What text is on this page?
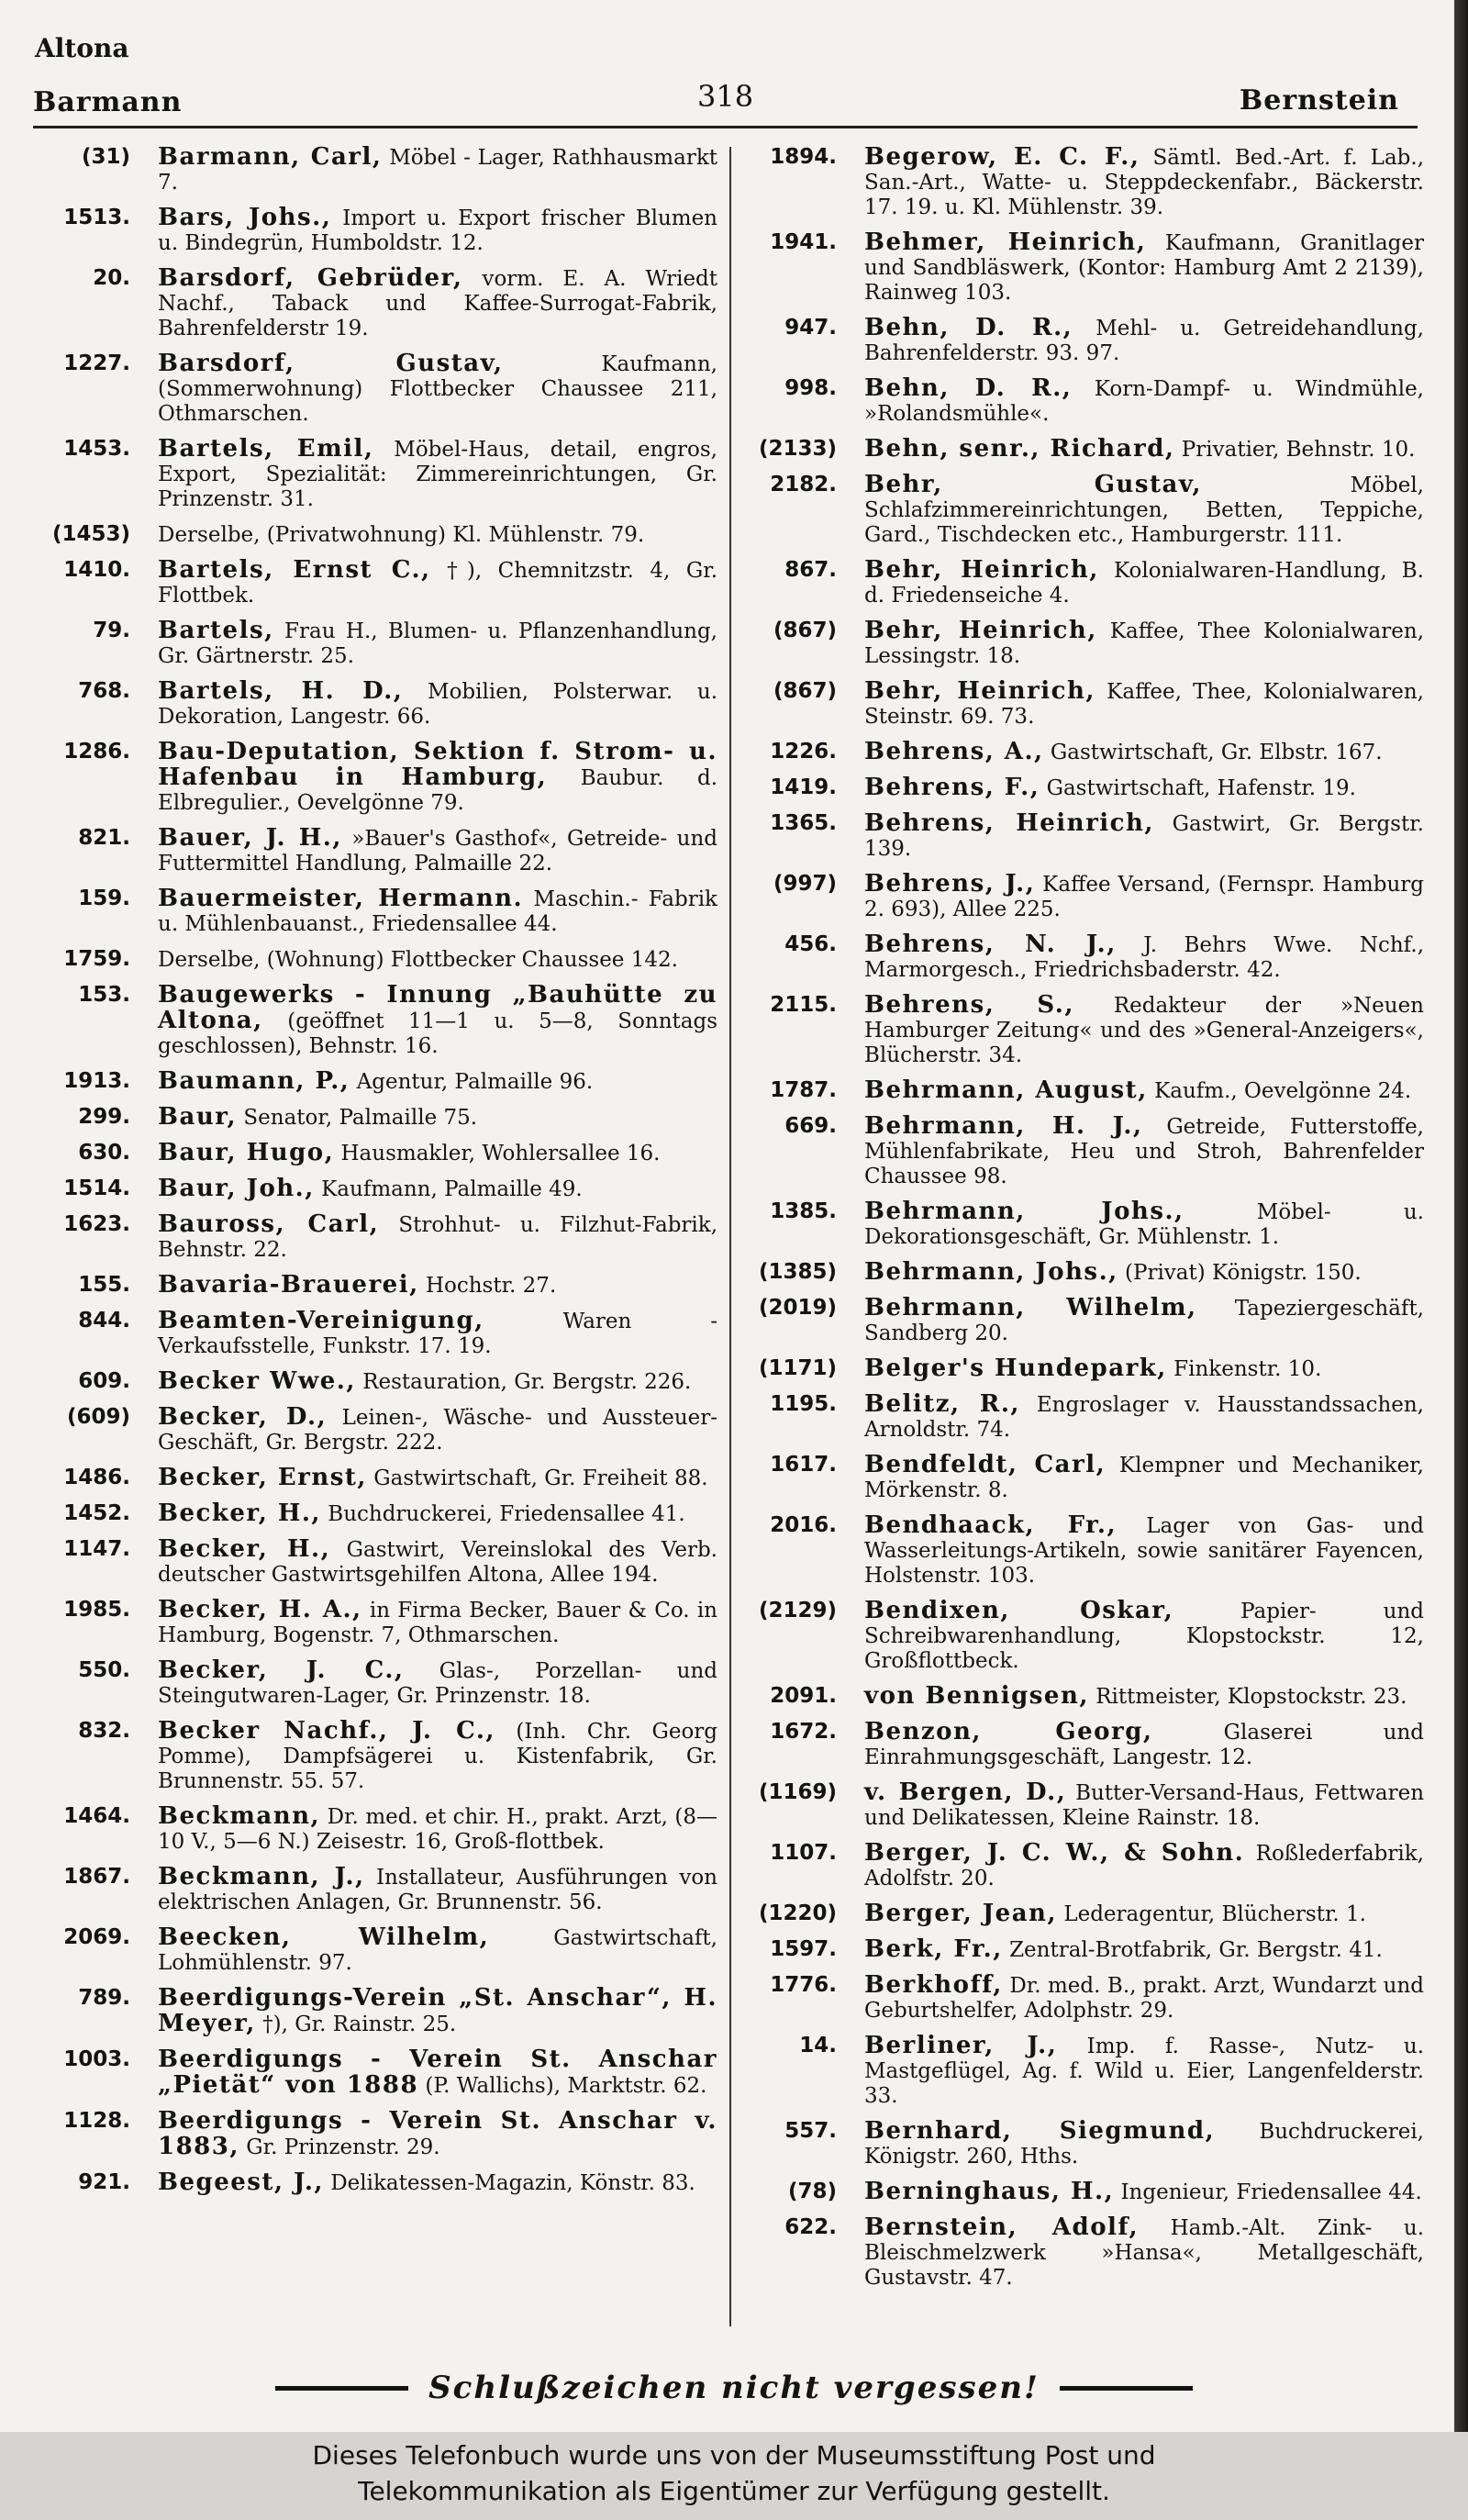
Altona
Barmann	318	Bernstein
(31)	Barmann, Carl, Möbel - Lager, Rathhausmarkt 7.
1513.	Bars, Johs., Import u. Export frischer Blumen u. Bindegrün, Humboldstr. 12.
20.	Barsdorf, Gebrüder, vorm. E. A. Wriedt Nachf., Taback und Kaffee-Surrogat-Fabrik, Bahrenfelderstr 19.
1227.	Barsdorf, Gustav,	Kaufmann, (Sommerwohnung) Flottbecker Chaussee 211, Othmarschen.
1453.	Bartels, Emil, Möbel-Haus, detail, engros, Export, Spezialität: Zimmereinrichtungen, Gr. Prinzenstr. 31.
(1453)	Derselbe, (Privatwohnung) Kl. Mühlenstr. 79.
1410.	Bartels, Ernst C., †), Chemnitzstr. 4, Gr. Flottbek.
79.	Bartels, Frau H., Blumen- u. Pflanzenhandlung, Gr. Gärtnerstr. 25.
768.	Bartels, H. D., Mobilien, Polsterwar. u. Dekoration, Langestr. 66.
1286.	Bau-Deputation, Sektion f. Strom- u. Hafenbau in Hamburg, Baubur. d. Elbregulier., Oevelgönne 79.
821.	Bauer, J. H., »Bauer's Gasthof«, Getreide- und Futtermittel Handlung, Palmaille 22.
159.	Bauermeister, Hermann. Maschin.- Fabrik u. Mühlenbauanst., Friedensallee 44.
1759.	Derselbe, (Wohnung) Flottbecker Chaussee 142.
153.	Baugewerks - Innung „Bauhütte zu Altona, (geöffnet 11—1 u. 5—8, Sonntags geschlossen), Behnstr. 16.
1913.	Baumann, P., Agentur, Palmaille 96.
299.	Baur, Senator, Palmaille 75.
630.	Baur, Hugo, Hausmakler, Wohlersallee 16.
1514.	Baur, Joh., Kaufmann, Palmaille 49.
1623.	Bauross, Carl, Strohhut- u. Filzhut-Fabrik, Behnstr. 22.
155.	Bavaria-Brauerei, Hochstr. 27.
844.	Beamten-Vereinigung,	Waren - Verkaufsstelle, Funkstr. 17. 19.
609.	Becker Wwe., Restauration, Gr. Bergstr. 226.
(609)	Becker, D., Leinen-, Wäsche- und Aussteuer-Geschäft, Gr. Bergstr. 222.
1486.	Becker, Ernst, Gastwirtschaft, Gr. Freiheit 88.
1452.	Becker, H., Buchdruckerei, Friedensallee 41.
1147.	Becker, H., Gastwirt, Vereinslokal des Verb. deutscher Gastwirtsgehilfen Altona, Allee 194.
1985.	Becker, H. A., in Firma Becker, Bauer & Co. in Hamburg, Bogenstr. 7, Othmarschen.
550.	Becker, J. C., Glas-, Porzellan- und Steingutwaren-Lager, Gr. Prinzenstr. 18.
832.	Becker Nachf., J. C., (Inh. Chr. Georg Pomme), Dampfsägerei u. Kistenfabrik, Gr. Brunnenstr. 55. 57.
1464.	Beckmann, Dr. med. et chir. H., prakt. Arzt, (8—10 V., 5—6 N.) Zeisestr. 16, Groß-flottbek.
1867.	Beckmann, J., Installateur, Ausführungen von elektrischen Anlagen, Gr. Brunnenstr. 56.
2069.	Beecken, Wilhelm,	Gastwirtschaft, Lohmühlenstr. 97.
789.	Beerdigungs-Verein „St. Anschar“, H. Meyer, †), Gr. Rainstr. 25.
1003.	Beerdigungs - Verein St. Anschar „Pietät“ von 1888 (P. Wallichs), Marktstr. 62.
1128.	Beerdigungs - Verein St. Anschar v. 1883, Gr. Prinzenstr. 29.
921.	Begeest, J., Delikatessen-Magazin, Könstr. 83.
1894.	Begerow, E. C. F., Sämtl. Bed.-Art. f. Lab., San.-Art., Watte- u. Steppdeckenfabr., Bäckerstr. 17. 19. u. Kl. Mühlenstr. 39.
1941.	Behmer, Heinrich, Kaufmann, Granitlager und Sandbläswerk, (Kontor: Hamburg Amt 2 2139), Rainweg 103.
947.	Behn, D. R., Mehl- u. Getreidehandlung, Bahrenfelderstr. 93. 97.
998.	Behn, D. R., Korn-Dampf- u. Windmühle, »Rolandsmühle«.
(2133)	Behn, senr., Richard, Privatier, Behnstr. 10.
2182.	Behr, Gustav,	Möbel, Schlafzimmereinrichtungen, Betten, Teppiche, Gard., Tischdecken etc., Hamburgerstr. 111.
867.	Behr, Heinrich, Kolonialwaren-Handlung, B. d. Friedenseiche 4.
(867)	Behr, Heinrich, Kaffee, Thee Kolonialwaren, Lessingstr. 18.
(867)	Behr, Heinrich, Kaffee, Thee, Kolonialwaren, Steinstr. 69. 73.
1226.	Behrens, A., Gastwirtschaft, Gr. Elbstr. 167.
1419.	Behrens, F., Gastwirtschaft, Hafenstr. 19.
1365.	Behrens, Heinrich, Gastwirt, Gr. Bergstr. 139.
(997)	Behrens, J., Kaffee Versand, (Fernspr. Hamburg 2. 693), Allee 225.
456.	Behrens, N. J., J. Behrs Wwe. Nchf., Marmorgesch., Friedrichsbaderstr. 42.
2115.	Behrens, S., Redakteur der »Neuen Hamburger Zeitung« und des »General-Anzeigers«, Blücherstr. 34.
1787.	Behrmann, August, Kaufm., Oevelgönne 24.
669.	Behrmann, H. J., Getreide, Futterstoffe, Mühlenfabrikate, Heu und Stroh, Bahrenfelder Chaussee 98.
1385.	Behrmann, Johs.,	Möbel- u. Dekorationsgeschäft, Gr. Mühlenstr. 1.
(1385)	Behrmann, Johs., (Privat) Königstr. 150.
(2019)	Behrmann, Wilhelm, Tapeziergeschäft, Sandberg 20.
(1171)	Belger's Hundepark, Finkenstr. 10.
1195.	Belitz, R., Engroslager v. Hausstandssachen, Arnoldstr. 74.
1617.	Bendfeldt, Carl, Klempner und Mechaniker, Mörkenstr. 8.
2016.	Bendhaack, Fr., Lager von Gas- und Wasserleitungs-Artikeln, sowie sanitärer Fayencen, Holstenstr. 103.
(2129)	Bendixen, Oskar,	Papier- und Schreibwarenhandlung, Klopstockstr. 12, Großflottbeck.
2091.	von Bennigsen, Rittmeister, Klopstockstr. 23.
1672.	Benzon, Georg,	Glaserei und Einrahmungsgeschäft, Langestr. 12.
(1169)	v. Bergen, D., Butter-Versand-Haus, Fettwaren und Delikatessen, Kleine Rainstr. 18.
1107.	Berger, J. C. W., & Sohn. Roßlederfabrik, Adolfstr. 20.
(1220)	Berger, Jean, Lederagentur, Blücherstr. 1.
1597.	Berk, Fr., Zentral-Brotfabrik, Gr. Bergstr. 41.
1776.	Berkhoff, Dr. med. B., prakt. Arzt, Wundarzt und Geburtshelfer, Adolphstr. 29.
14.	Berliner, J., Imp. f. Rasse-, Nutz- u. Mastgeflügel, Ag. f. Wild u. Eier, Langenfelderstr. 33.
557.	Bernhard, Siegmund, Buchdruckerei, Königstr. 260, Hths.
(78)	Berninghaus, H., Ingenieur, Friedensallee 44.
622.	Bernstein, Adolf, Hamb.-Alt. Zink- u. Bleischmelzwerk »Hansa«, Metallgeschäft, Gustavstr. 47.
Schlußzeichen nicht vergessen!
Dieses Telefonbuch wurde uns von der Museumsstiftung Post und
Telekommunikation als Eigentümer zur Verfügung gestellt.
